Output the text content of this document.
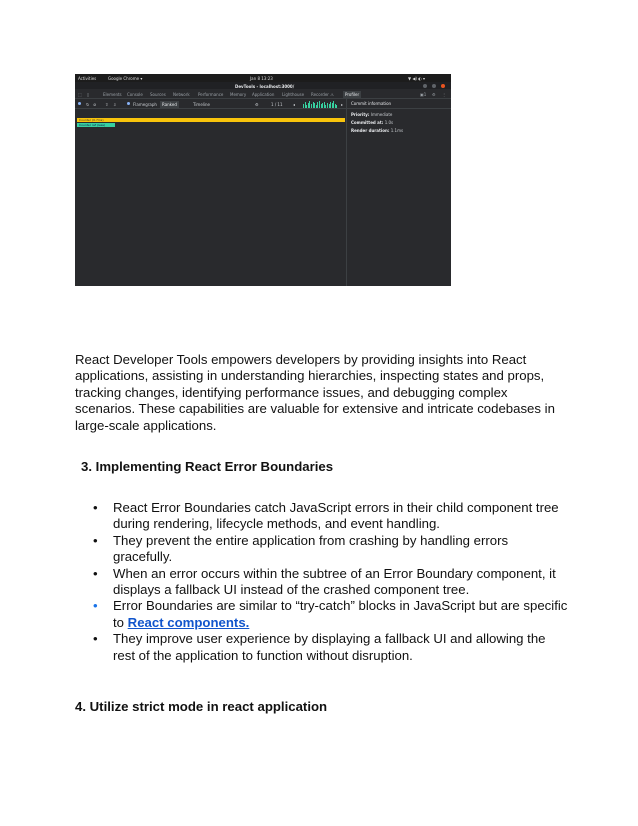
Activities	Google Chrome ▾	Jan 8 13:23	▼ ◀) ◐ ▾
DevTools - localhost:3000/
⬚ ▯	Elements Console Sources Network Performance Memory Application Lighthouse Recorder ⚠	Profiler	▣1 ⚙ ⋮
↻ ⊘ ⇧ ⇩	Flamegraph	Ranked	Timeline	⚙	1 / 11	◂	▸
Counter (0.7ms)
Counter ref (less)
Commit information
Priority: Immediate
Committed at: 1.0s
Render duration: 1.1ms

React Developer Tools empowers developers by providing insights into React applications, assisting in understanding hierarchies, inspecting states and props, tracking changes, identifying performance issues, and debugging complex scenarios. These capabilities are valuable for extensive and intricate codebases in large-scale applications.

3. Implementing React Error Boundaries

• React Error Boundaries catch JavaScript errors in their child component tree during rendering, lifecycle methods, and event handling.
• They prevent the entire application from crashing by handling errors gracefully.
• When an error occurs within the subtree of an Error Boundary component, it displays a fallback UI instead of the crashed component tree.
• Error Boundaries are similar to “try-catch” blocks in JavaScript but are specific to React components.
• They improve user experience by displaying a fallback UI and allowing the rest of the application to function without disruption.

4. Utilize strict mode in react application
